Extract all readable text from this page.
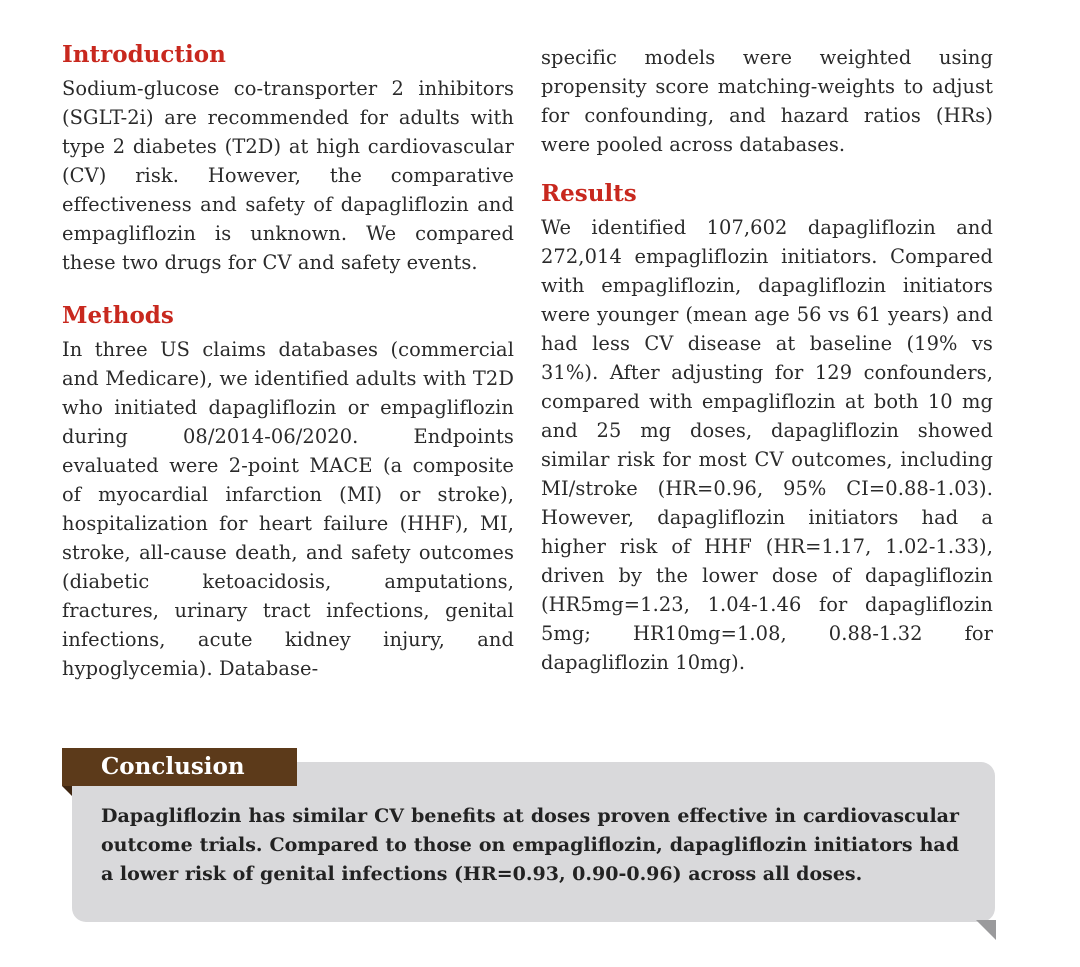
Introduction

Sodium-glucose co-transporter 2 inhibitors (SGLT-2i) are recommended for adults with type 2 diabetes (T2D) at high cardiovascular (CV) risk. However, the comparative effectiveness and safety of dapagliflozin and empagliflozin is unknown. We compared these two drugs for CV and safety events.

Methods

In three US claims databases (commercial and Medicare), we identified adults with T2D who initiated dapagliflozin or empagliflozin during 08/2014-06/2020. Endpoints evaluated were 2-point MACE (a composite of myocardial infarction (MI) or stroke), hospitalization for heart failure (HHF), MI, stroke, all-cause death, and safety outcomes (diabetic ketoacidosis, amputations, fractures, urinary tract infections, genital infections, acute kidney injury, and hypoglycemia). Database-

specific models were weighted using propensity score matching-weights to adjust for confounding, and hazard ratios (HRs) were pooled across databases.

Results

We identified 107,602 dapagliflozin and 272,014 empagliflozin initiators. Compared with empagliflozin, dapagliflozin initiators were younger (mean age 56 vs 61 years) and had less CV disease at baseline (19% vs 31%). After adjusting for 129 confounders, compared with empagliflozin at both 10 mg and 25 mg doses, dapagliflozin showed similar risk for most CV outcomes, including MI/stroke (HR=0.96, 95% CI=0.88-1.03). However, dapagliflozin initiators had a higher risk of HHF (HR=1.17, 1.02-1.33), driven by the lower dose of dapagliflozin (HR5mg=1.23, 1.04-1.46 for dapagliflozin 5mg; HR10mg=1.08, 0.88-1.32 for dapagliflozin 10mg).

Conclusion
Dapagliflozin has similar CV benefits at doses proven effective in cardiovascular outcome trials. Compared to those on empagliflozin, dapagliflozin initiators had a lower risk of genital infections (HR=0.93, 0.90-0.96) across all doses.
